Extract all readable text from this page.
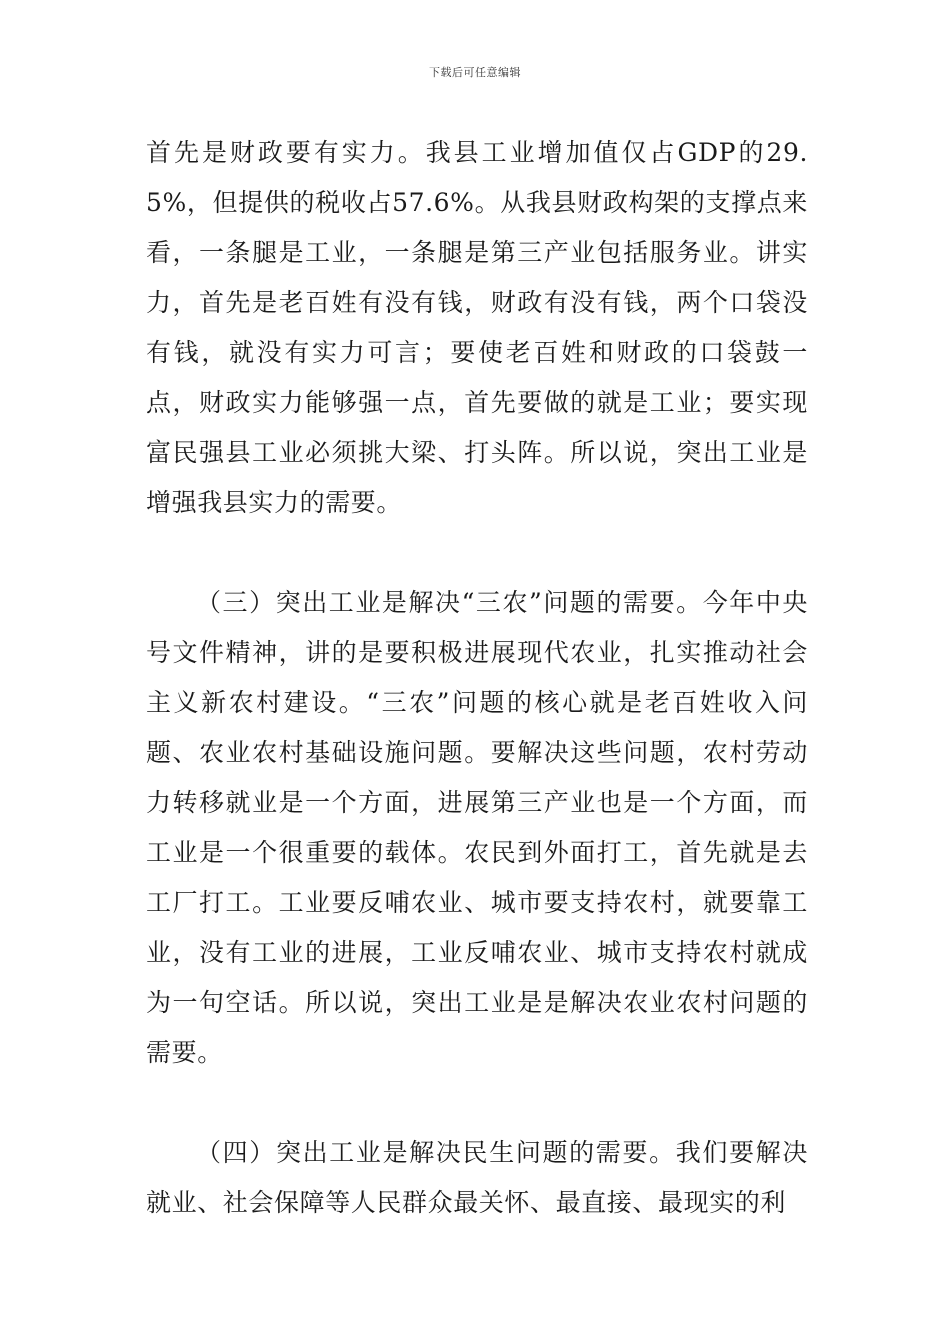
下载后可任意编辑

首先是财政要有实力。我县工业增加值仅占GDP的29.5%，但提供的税收占57.6%。从我县财政构架的支撑点来看，一条腿是工业，一条腿是第三产业包括服务业。讲实力，首先是老百姓有没有钱，财政有没有钱，两个口袋没有钱，就没有实力可言；要使老百姓和财政的口袋鼓一点，财政实力能够强一点，首先要做的就是工业；要实现富民强县工业必须挑大梁、打头阵。所以说，突出工业是增强我县实力的需要。

（三）突出工业是解决“三农”问题的需要。今年中央号文件精神，讲的是要积极进展现代农业，扎实推动社会主义新农村建设。“三农”问题的核心就是老百姓收入问题、农业农村基础设施问题。要解决这些问题，农村劳动力转移就业是一个方面，进展第三产业也是一个方面，而工业是一个很重要的载体。农民到外面打工，首先就是去工厂打工。工业要反哺农业、城市要支持农村，就要靠工业，没有工业的进展，工业反哺农业、城市支持农村就成为一句空话。所以说，突出工业是是解决农业农村问题的需要。

（四）突出工业是解决民生问题的需要。我们要解决就业、社会保障等人民群众最关怀、最直接、最现实的利
